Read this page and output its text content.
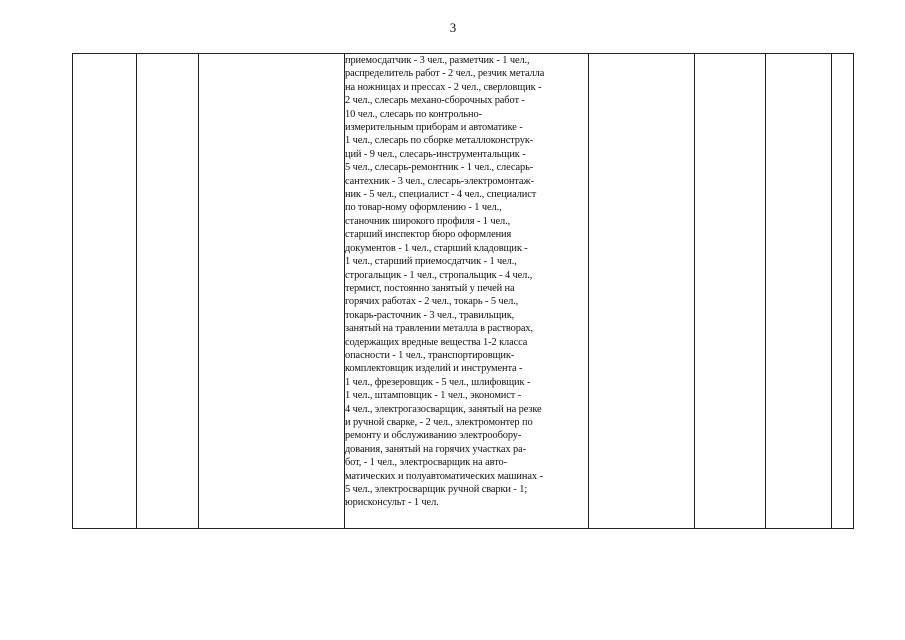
3

приемосдатчик - 3 чел., разметчик - 1 чел.,
распределитель работ - 2 чел., резчик металла
на ножницах и прессах - 2 чел., сверловщик -
2 чел., слесарь механо-сборочных работ -
10 чел., слесарь по контрольно-
измерительным приборам и автоматике -
1 чел., слесарь по сборке металлоконструк-
ций - 9 чел., слесарь-инструментальщик -
5 чел., слесарь-ремонтник - 1 чел., слесарь-
сантехник - 3 чел., слесарь-электромонтаж-
ник - 5 чел., специалист - 4 чел., специалист
по товар-ному оформлению - 1 чел.,
станочник широкого профиля - 1 чел.,
старший инспектор бюро оформления
документов - 1 чел., старший кладовщик -
1 чел., старший приемосдатчик - 1 чел.,
строгальщик - 1 чел., стропальщик - 4 чел.,
термист, постоянно занятый у печей на
горячих работах - 2 чел., токарь - 5 чел.,
токарь-расточник - 3 чел., травильщик,
занятый на травлении металла в растворах,
содержащих вредные вещества 1-2 класса
опасности - 1 чел., транспортировщик-
комплектовщик изделий и инструмента -
1 чел., фрезеровщик - 5 чел., шлифовщик -
1 чел., штамповщик - 1 чел., экономист -
4 чел., электрогазосварщик, занятый на резке
и ручной сварке, - 2 чел., электромонтер по
ремонту и обслуживанию электрообору-
дования, занятый на горячих участках ра-
бот, - 1 чел., электросварщик на авто-
матических и полуавтоматических машинах -
5 чел., электросварщик ручной сварки - 1;
юрисконсульт - 1 чел.
